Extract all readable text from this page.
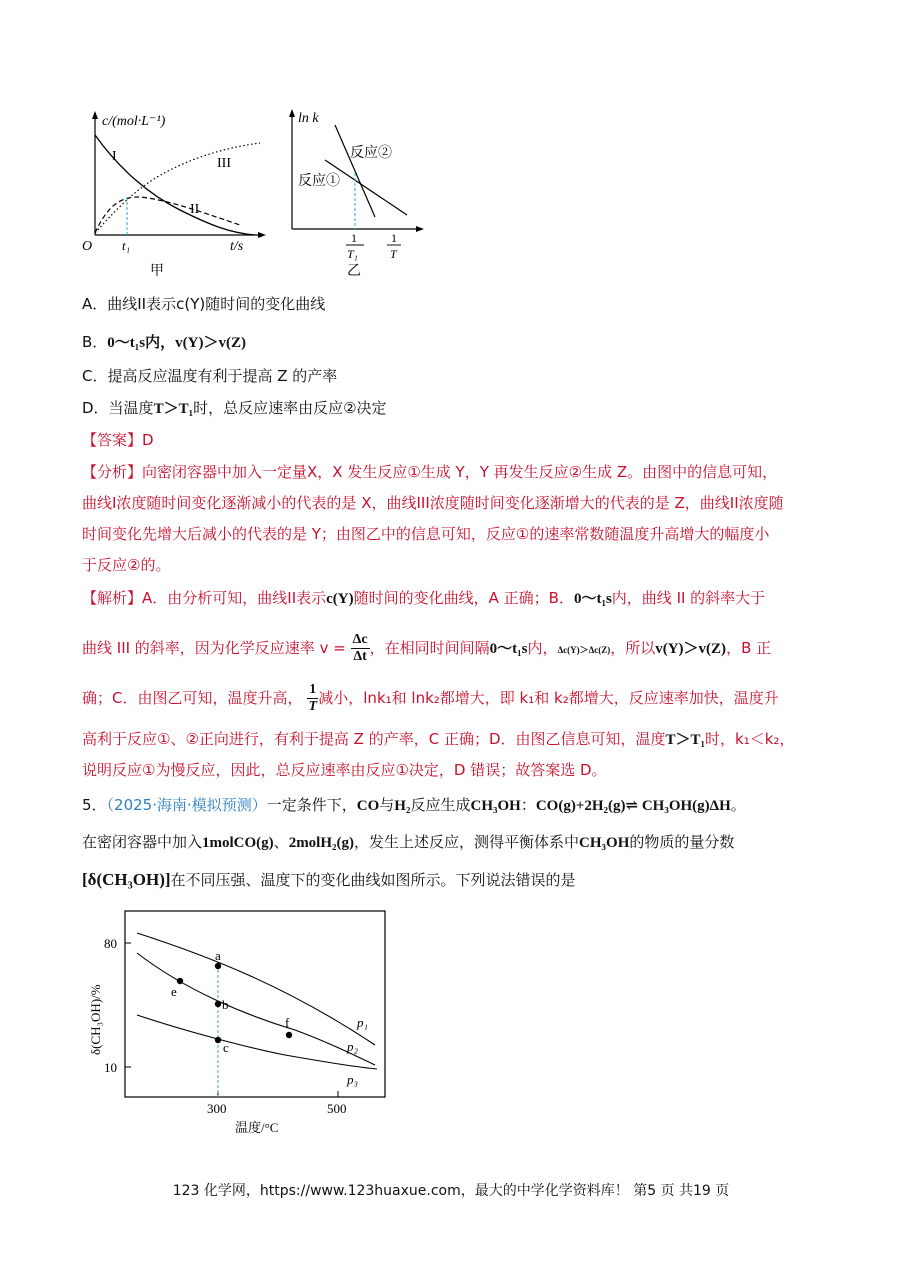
c/(mol·L⁻¹)
O	t/s
t₁
I
II
III
甲
ln k
反应②
反应①
1
T₁
1
T
乙
A．曲线II表示c(Y)随时间的变化曲线
B．0～t₁s内，v(Y)＞v(Z)
C．提高反应温度有利于提高 Z 的产率
D．当温度T＞T₁时，总反应速率由反应②决定
【答案】D
【分析】向密闭容器中加入一定量X，X 发生反应①生成 Y，Y 再发生反应②生成 Z。由图中的信息可知，
曲线I浓度随时间变化逐渐减小的代表的是 X，曲线III浓度随时间变化逐渐增大的代表的是 Z，曲线II浓度随
时间变化先增大后减小的代表的是 Y；由图乙中的信息可知，反应①的速率常数随温度升高增大的幅度小
于反应②的。
【解析】A．由分析可知，曲线II表示c(Y)随时间的变化曲线，A 正确；B．0～t₁s内，曲线 II 的斜率大于
曲线 III 的斜率，因为化学反应速率 $v = \frac{\Delta c}{\Delta t}$ ，在相同时间间隔0～t₁s内，Δc(Y)＞Δc(Z)，所以v(Y)＞v(Z)，B 正
确；C．由图乙可知，温度升高， $\frac{1}{T}$ 减小，lnk₁和 lnk₂都增大，即 k₁和 k₂都增大，反应速率加快，温度升
高利于反应①、②正向进行，有利于提高 Z 的产率，C 正确；D．由图乙信息可知，温度T＞T₁时，k₁＜k₂，
说明反应①为慢反应，因此，总反应速率由反应①决定，D 错误；故答案选 D。
5．（2025·海南·模拟预测）一定条件下，CO与H₂反应生成CH₃OH：CO(g)+2H₂(g)⇌ CH₃OH(g)ΔH。
在密闭容器中加入1molCO(g)、2molH₂(g)，发生上述反应，测得平衡体系中CH₃OH的物质的量分数
[δ(CH₃OH)]在不同压强、温度下的变化曲线如图所示。下列说法错误的是
a
b
c
e
f	p₁
p₂
p₃
80
10
300	500
温度/°C
δ(CH₃OH)/%
123 化学网，https://www.123huaxue.com，最大的中学化学资料库！ 第5 页 共19 页
